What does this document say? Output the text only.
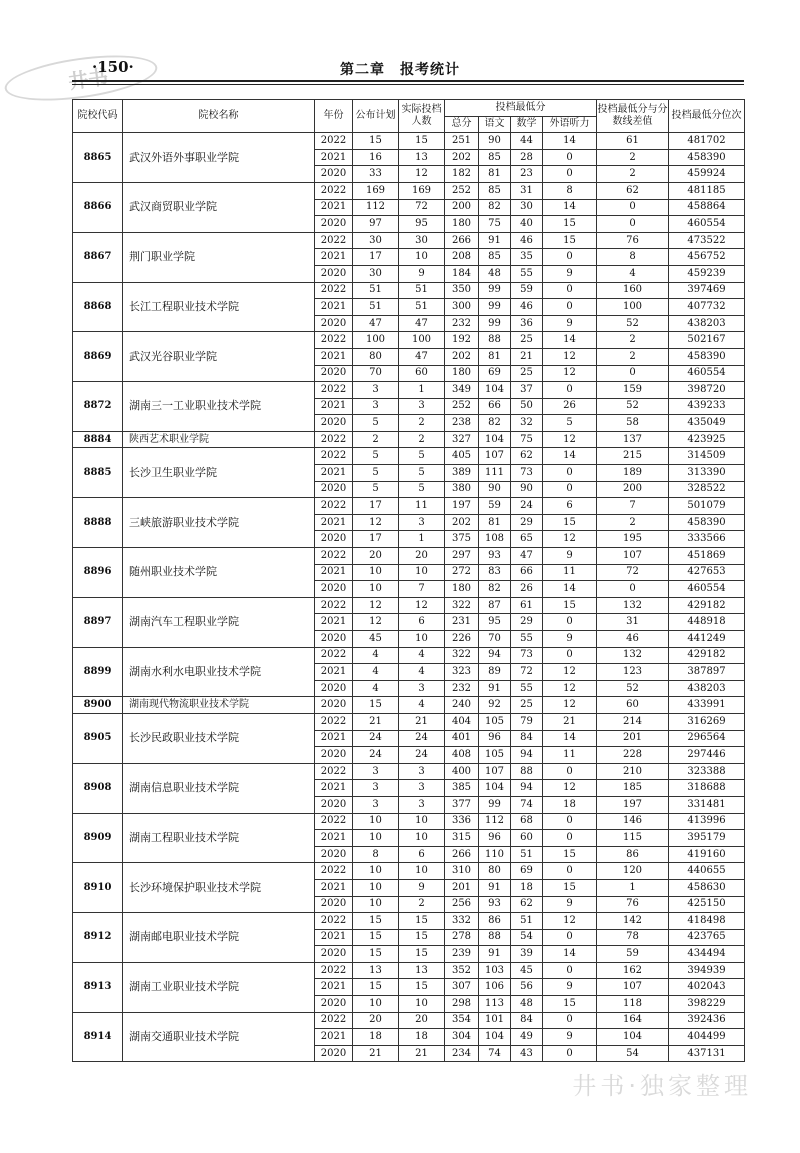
井书
·150·	第二章　报考统计
院校代码	院校名称	年份	公布计划	实际投档人数	投档最低分				投档最低分与分数线差值	投档最低分位次
					总分	语文	数学	外语听力		
8865	武汉外语外事职业学院	2022	15	15	251	90	44	14	61	481702
		2021	16	13	202	85	28	0	2	458390
		2020	33	12	182	81	23	0	2	459924
8866	武汉商贸职业学院	2022	169	169	252	85	31	8	62	481185
		2021	112	72	200	82	30	14	0	458864
		2020	97	95	180	75	40	15	0	460554
8867	荆门职业学院	2022	30	30	266	91	46	15	76	473522
		2021	17	10	208	85	35	0	8	456752
		2020	30	9	184	48	55	9	4	459239
8868	长江工程职业技术学院	2022	51	51	350	99	59	0	160	397469
		2021	51	51	300	99	46	0	100	407732
		2020	47	47	232	99	36	9	52	438203
8869	武汉光谷职业学院	2022	100	100	192	88	25	14	2	502167
		2021	80	47	202	81	21	12	2	458390
		2020	70	60	180	69	25	12	0	460554
8872	湖南三一工业职业技术学院	2022	3	1	349	104	37	0	159	398720
		2021	3	3	252	66	50	26	52	439233
		2020	5	2	238	82	32	5	58	435049
8884	陕西艺术职业学院	2022	2	2	327	104	75	12	137	423925
8885	长沙卫生职业学院	2022	5	5	405	107	62	14	215	314509
		2021	5	5	389	111	73	0	189	313390
		2020	5	5	380	90	90	0	200	328522
8888	三峡旅游职业技术学院	2022	17	11	197	59	24	6	7	501079
		2021	12	3	202	81	29	15	2	458390
		2020	17	1	375	108	65	12	195	333566
8896	随州职业技术学院	2022	20	20	297	93	47	9	107	451869
		2021	10	10	272	83	66	11	72	427653
		2020	10	7	180	82	26	14	0	460554
8897	湖南汽车工程职业学院	2022	12	12	322	87	61	15	132	429182
		2021	12	6	231	95	29	0	31	448918
		2020	45	10	226	70	55	9	46	441249
8899	湖南水利水电职业技术学院	2022	4	4	322	94	73	0	132	429182
		2021	4	4	323	89	72	12	123	387897
		2020	4	3	232	91	55	12	52	438203
8900	湖南现代物流职业技术学院	2020	15	4	240	92	25	12	60	433991
8905	长沙民政职业技术学院	2022	21	21	404	105	79	21	214	316269
		2021	24	24	401	96	84	14	201	296564
		2020	24	24	408	105	94	11	228	297446
8908	湖南信息职业技术学院	2022	3	3	400	107	88	0	210	323388
		2021	3	3	385	104	94	12	185	318688
		2020	3	3	377	99	74	18	197	331481
8909	湖南工程职业技术学院	2022	10	10	336	112	68	0	146	413996
		2021	10	10	315	96	60	0	115	395179
		2020	8	6	266	110	51	15	86	419160
8910	长沙环境保护职业技术学院	2022	10	10	310	80	69	0	120	440655
		2021	10	9	201	91	18	15	1	458630
		2020	10	2	256	93	62	9	76	425150
8912	湖南邮电职业技术学院	2022	15	15	332	86	51	12	142	418498
		2021	15	15	278	88	54	0	78	423765
		2020	15	15	239	91	39	14	59	434494
8913	湖南工业职业技术学院	2022	13	13	352	103	45	0	162	394939
		2021	15	15	307	106	56	9	107	402043
		2020	10	10	298	113	48	15	118	398229
8914	湖南交通职业技术学院	2022	20	20	354	101	84	0	164	392436
		2021	18	18	304	104	49	9	104	404499
		2020	21	21	234	74	43	0	54	437131
井书·独家整理
